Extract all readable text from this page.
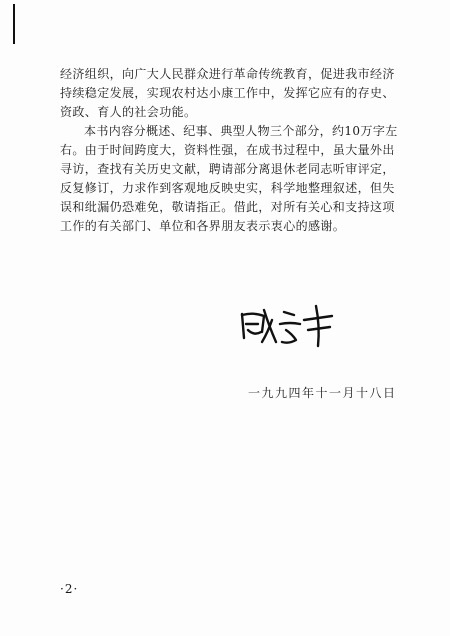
经济组织，向广大人民群众进行革命传统教育，促进我市经济持续稳定发展，实现农村达小康工作中，发挥它应有的存史、资政、育人的社会功能。

本书内容分概述、纪事、典型人物三个部分，约10万字左右。由于时间跨度大，资料性强，在成书过程中，虽大量外出寻访，查找有关历史文献，聘请部分离退休老同志听审评定，反复修订，力求作到客观地反映史实，科学地整理叙述，但失误和纰漏仍恐难免，敬请指正。借此，对所有关心和支持这项工作的有关部门、单位和各界朋友表示衷心的感谢。

一九九四年十一月十八日
·2·
